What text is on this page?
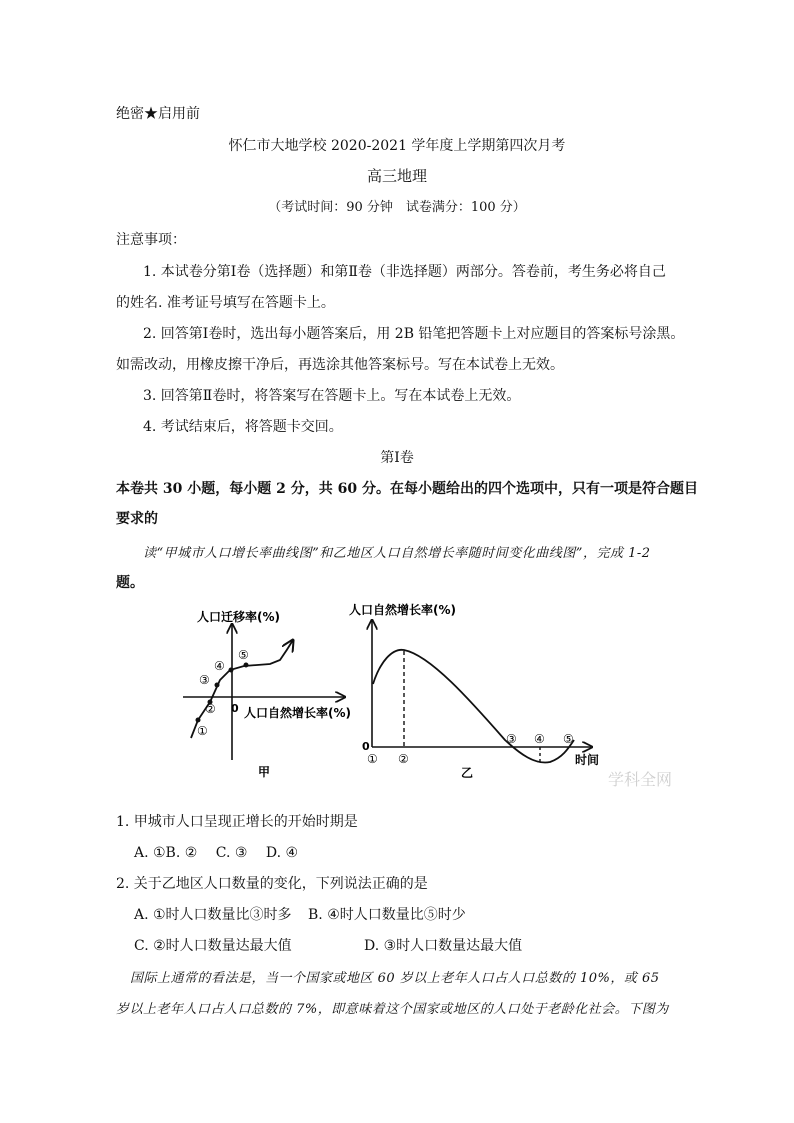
绝密★启用前
怀仁市大地学校 2020-2021 学年度上学期第四次月考
高三地理
（考试时间：90 分钟　试卷满分：100 分）
注意事项：
1. 本试卷分第Ⅰ卷（选择题）和第Ⅱ卷（非选择题）两部分。答卷前，考生务必将自己
的姓名. 准考证号填写在答题卡上。
2. 回答第Ⅰ卷时，选出每小题答案后，用 2B 铅笔把答题卡上对应题目的答案标号涂黑。
如需改动，用橡皮擦干净后，再选涂其他答案标号。写在本试卷上无效。
3. 回答第Ⅱ卷时，将答案写在答题卡上。写在本试卷上无效。
4. 考试结束后，将答题卡交回。
第Ⅰ卷
本卷共 30 小题，每小题 2 分，共 60 分。在每小题给出的四个选项中，只有一项是符合题目
要求的
读“甲城市人口增长率曲线图”和乙地区人口自然增长率随时间变化曲线图”，完成 1-2
题。
人口迁移率(%)
人口自然增长率(%)
0
甲
①
②
③
④
⑤
人口自然增长率(%)
时间
0
乙
① ②
③ ④ ⑤
学科全网
1. 甲城市人口呈现正增长的开始时期是
A. ①B. ②　 C. ③　 D. ④
2. 关于乙地区人口数量的变化，下列说法正确的是
A. ①时人口数量比③时多 B. ④时人口数量比⑤时少
C. ②时人口数量达最大值	D. ③时人口数量达最大值
国际上通常的看法是，当一个国家或地区 60 岁以上老年人口占人口总数的 10%，或 65
岁以上老年人口占人口总数的 7%，即意味着这个国家或地区的人口处于老龄化社会。下图为
